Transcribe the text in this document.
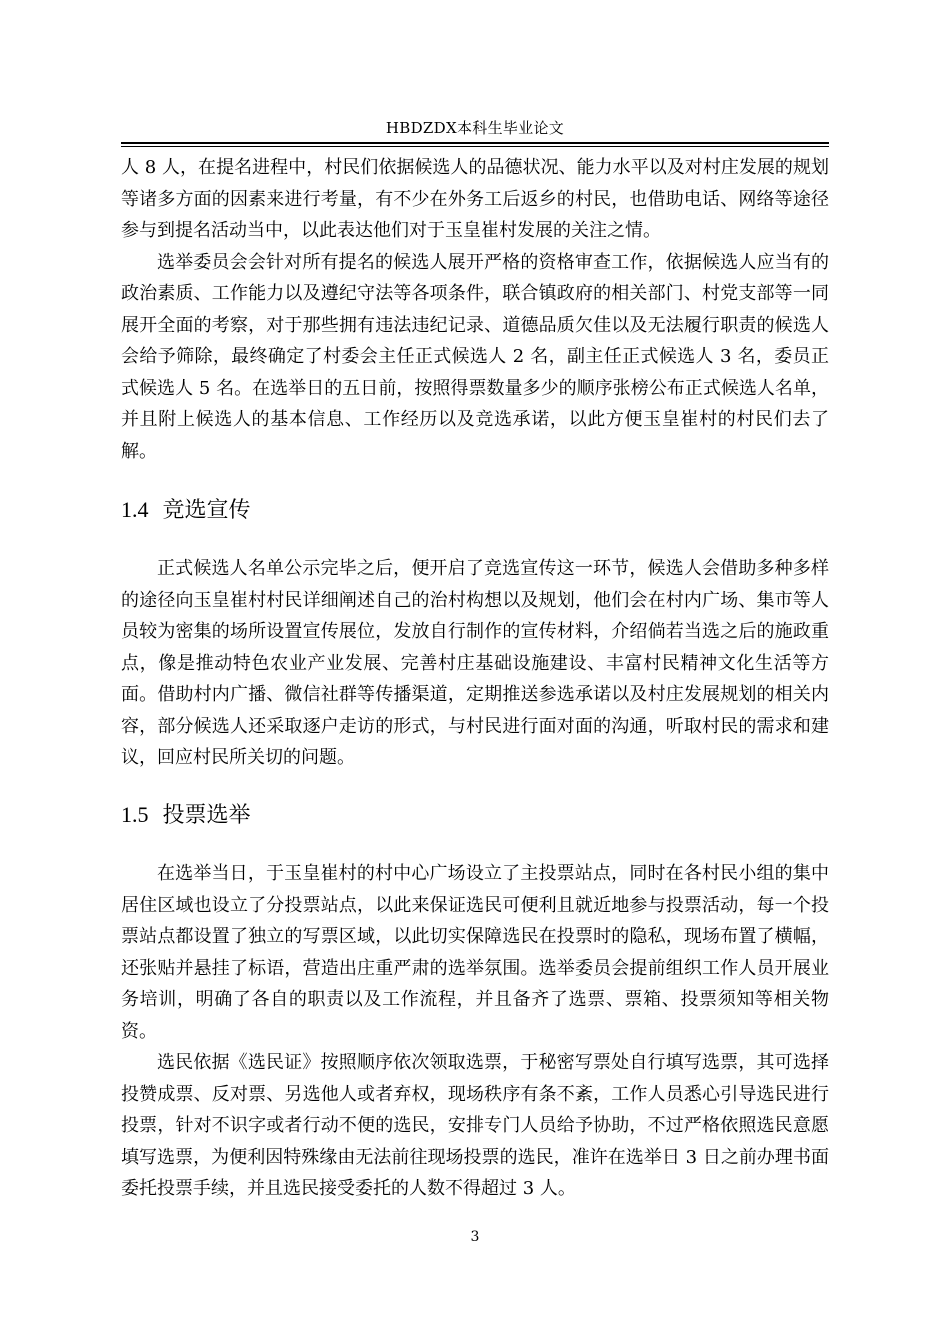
HBDZDX本科生毕业论文

人 8 人，在提名进程中，村民们依据候选人的品德状况、能力水平以及对村庄发展的规划等诸多方面的因素来进行考量，有不少在外务工后返乡的村民，也借助电话、网络等途径参与到提名活动当中，以此表达他们对于玉皇崔村发展的关注之情。

选举委员会会针对所有提名的候选人展开严格的资格审查工作，依据候选人应当有的政治素质、工作能力以及遵纪守法等各项条件，联合镇政府的相关部门、村党支部等一同展开全面的考察，对于那些拥有违法违纪记录、道德品质欠佳以及无法履行职责的候选人会给予筛除，最终确定了村委会主任正式候选人 2 名，副主任正式候选人 3 名，委员正式候选人 5 名。在选举日的五日前，按照得票数量多少的顺序张榜公布正式候选人名单，并且附上候选人的基本信息、工作经历以及竞选承诺，以此方便玉皇崔村的村民们去了解。

1.4 竞选宣传

正式候选人名单公示完毕之后，便开启了竞选宣传这一环节，候选人会借助多种多样的途径向玉皇崔村村民详细阐述自己的治村构想以及规划，他们会在村内广场、集市等人员较为密集的场所设置宣传展位，发放自行制作的宣传材料，介绍倘若当选之后的施政重点，像是推动特色农业产业发展、完善村庄基础设施建设、丰富村民精神文化生活等方面。借助村内广播、微信社群等传播渠道，定期推送参选承诺以及村庄发展规划的相关内容，部分候选人还采取逐户走访的形式，与村民进行面对面的沟通，听取村民的需求和建议，回应村民所关切的问题。

1.5 投票选举

在选举当日，于玉皇崔村的村中心广场设立了主投票站点，同时在各村民小组的集中居住区域也设立了分投票站点，以此来保证选民可便利且就近地参与投票活动，每一个投票站点都设置了独立的写票区域，以此切实保障选民在投票时的隐私，现场布置了横幅，还张贴并悬挂了标语，营造出庄重严肃的选举氛围。选举委员会提前组织工作人员开展业务培训，明确了各自的职责以及工作流程，并且备齐了选票、票箱、投票须知等相关物资。

选民依据《选民证》按照顺序依次领取选票，于秘密写票处自行填写选票，其可选择投赞成票、反对票、另选他人或者弃权，现场秩序有条不紊，工作人员悉心引导选民进行投票，针对不识字或者行动不便的选民，安排专门人员给予协助，不过严格依照选民意愿填写选票，为便利因特殊缘由无法前往现场投票的选民，准许在选举日 3 日之前办理书面委托投票手续，并且选民接受委托的人数不得超过 3 人。

3
